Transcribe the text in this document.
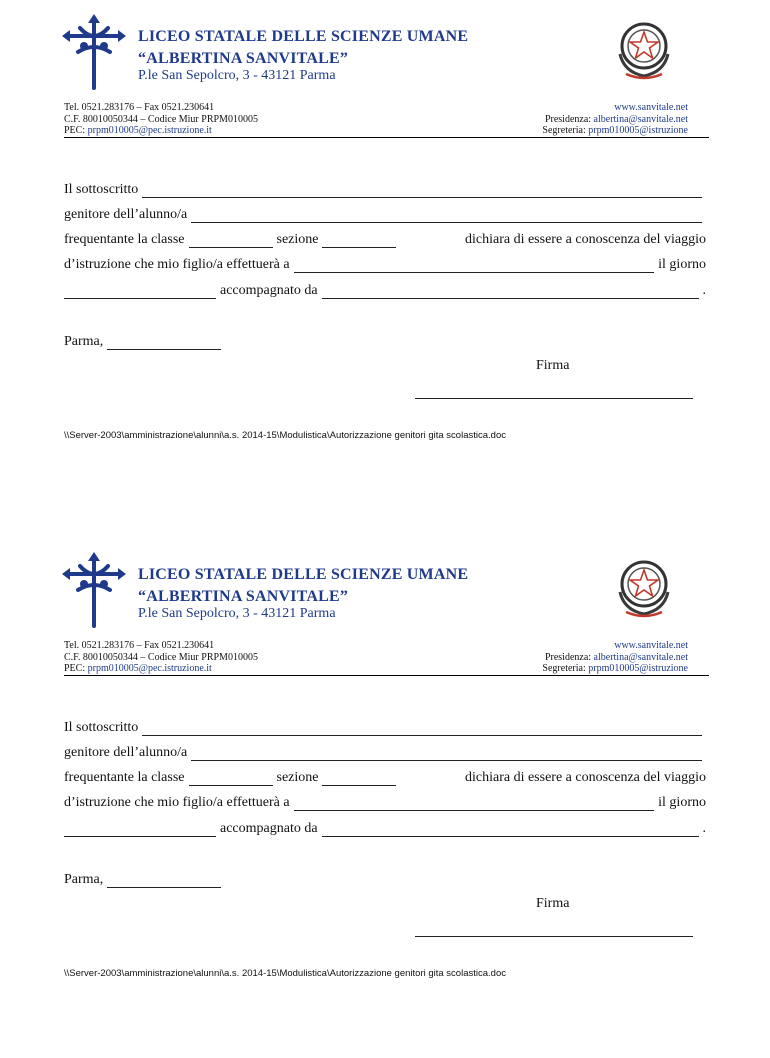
LICEO STATALE DELLE SCIENZE UMANE
“ALBERTINA SANVITALE”
P.le San Sepolcro, 3 - 43121 Parma
Tel. 0521.283176 – Fax 0521.230641
C.F. 80010050344 – Codice Miur PRPM010005
PEC: prpm010005@pec.istruzione.it
www.sanvitale.net
Presidenza: albertina@sanvitale.net
Segreteria: prpm010005@istruzione
Il sottoscritto
genitore dell’alunno/a
frequentante la classe	sezione	dichiara di essere a conoscenza del viaggio
d’istruzione che mio figlio/a effettuerà a	il giorno
accompagnato da	.
Parma,
Firma
\\Server-2003\amministrazione\alunni\a.s. 2014-15\Modulistica\Autorizzazione genitori gita scolastica.doc
LICEO STATALE DELLE SCIENZE UMANE
“ALBERTINA SANVITALE”
P.le San Sepolcro, 3 - 43121 Parma
Tel. 0521.283176 – Fax 0521.230641
C.F. 80010050344 – Codice Miur PRPM010005
PEC: prpm010005@pec.istruzione.it
www.sanvitale.net
Presidenza: albertina@sanvitale.net
Segreteria: prpm010005@istruzione
Il sottoscritto
genitore dell’alunno/a
frequentante la classe	sezione	dichiara di essere a conoscenza del viaggio
d’istruzione che mio figlio/a effettuerà a	il giorno
accompagnato da	.
Parma,
Firma
\\Server-2003\amministrazione\alunni\a.s. 2014-15\Modulistica\Autorizzazione genitori gita scolastica.doc
